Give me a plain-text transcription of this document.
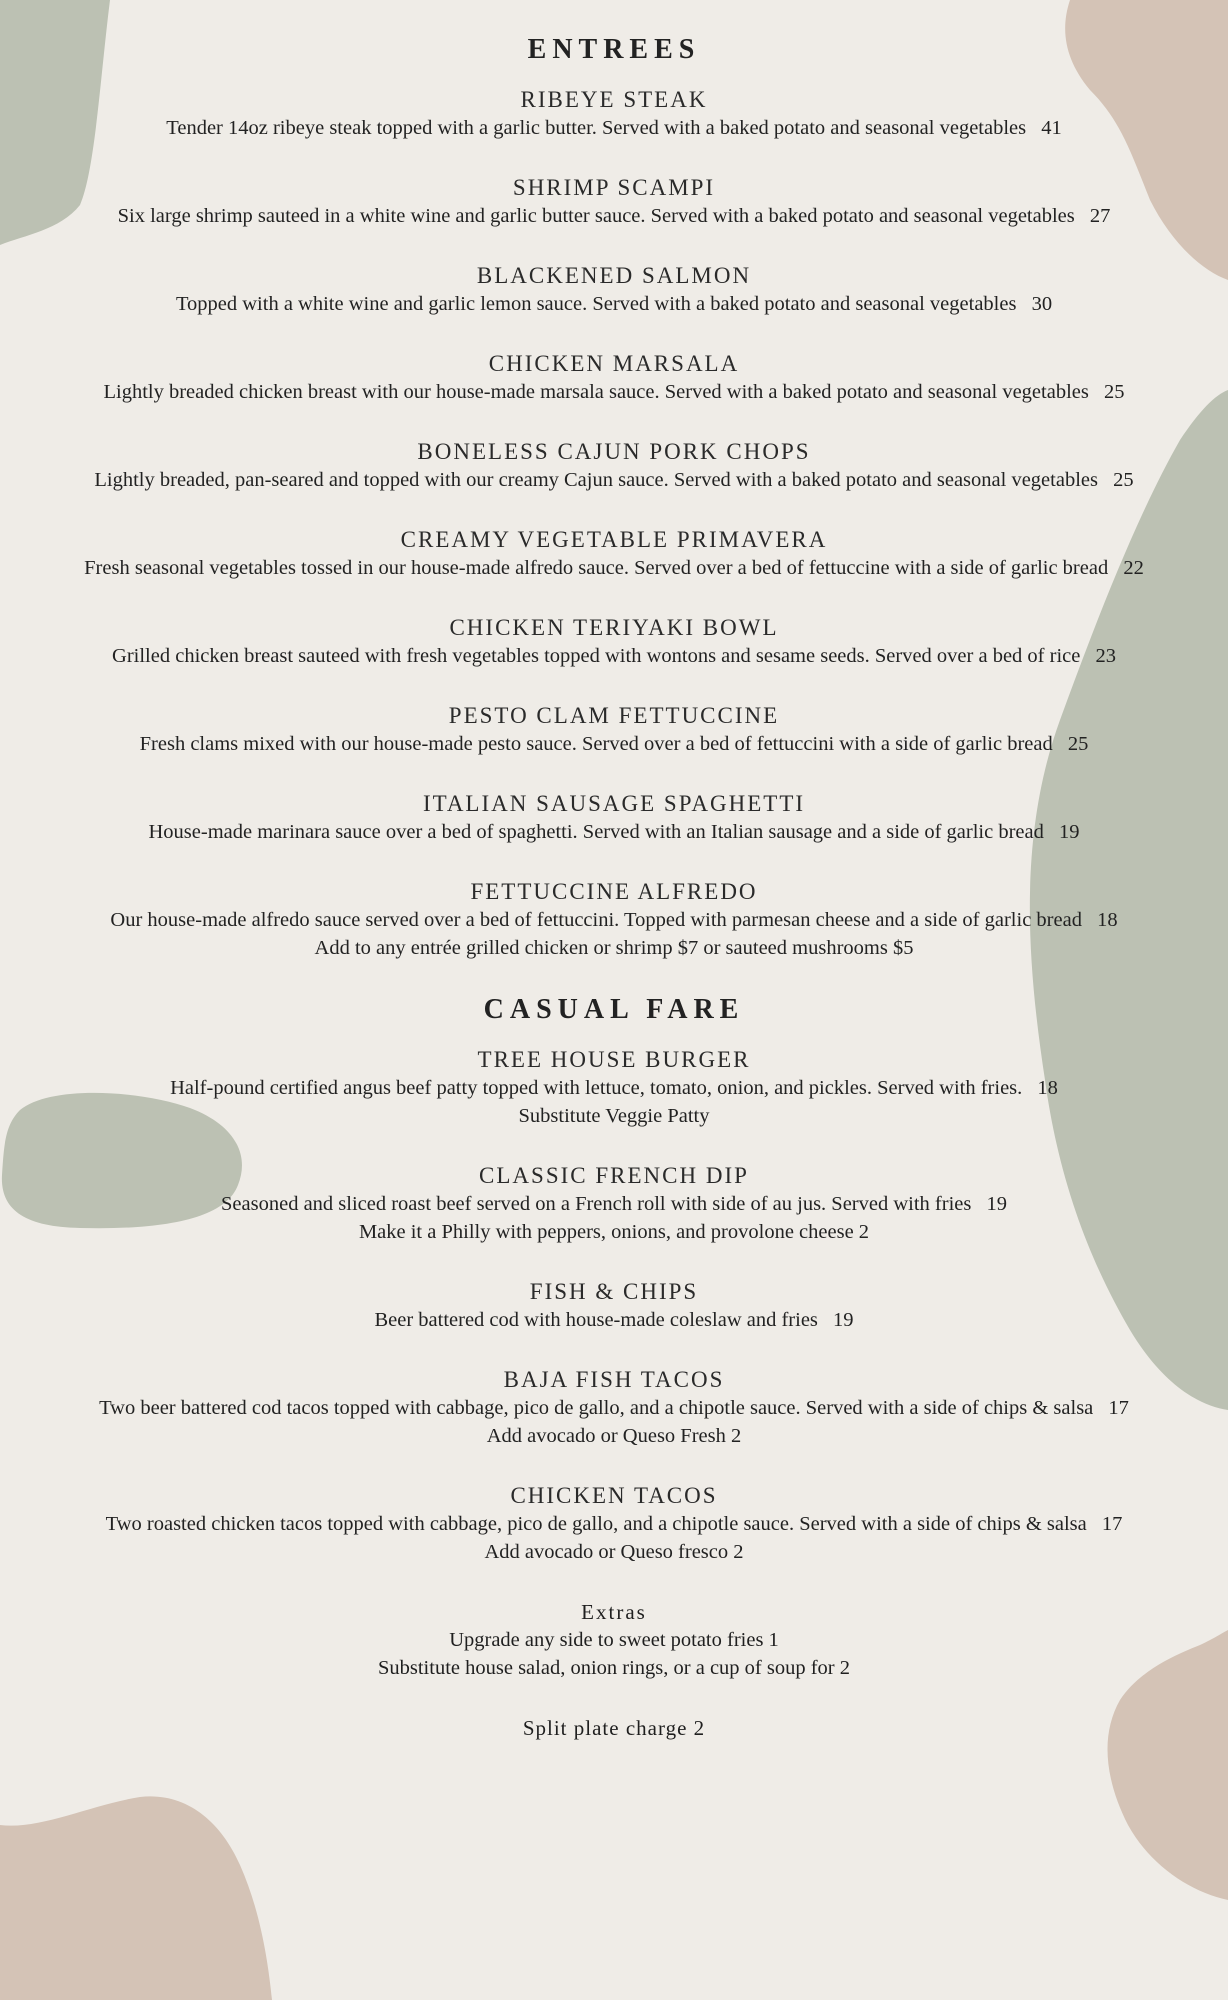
ENTREES
RIBEYE STEAK
Tender 14oz ribeye steak topped with a garlic butter. Served with a baked potato and seasonal vegetables 41
SHRIMP SCAMPI
Six large shrimp sauteed in a white wine and garlic butter sauce. Served with a baked potato and seasonal vegetables 27
BLACKENED SALMON
Topped with a white wine and garlic lemon sauce. Served with a baked potato and seasonal vegetables 30
CHICKEN MARSALA
Lightly breaded chicken breast with our house-made marsala sauce. Served with a baked potato and seasonal vegetables 25
BONELESS CAJUN PORK CHOPS
Lightly breaded, pan-seared and topped with our creamy Cajun sauce. Served with a baked potato and seasonal vegetables 25
CREAMY VEGETABLE PRIMAVERA
Fresh seasonal vegetables tossed in our house-made alfredo sauce. Served over a bed of fettuccine with a side of garlic bread 22
CHICKEN TERIYAKI BOWL
Grilled chicken breast sauteed with fresh vegetables topped with wontons and sesame seeds. Served over a bed of rice 23
PESTO CLAM FETTUCCINE
Fresh clams mixed with our house-made pesto sauce. Served over a bed of fettuccini with a side of garlic bread 25
ITALIAN SAUSAGE SPAGHETTI
House-made marinara sauce over a bed of spaghetti. Served with an Italian sausage and a side of garlic bread 19
FETTUCCINE ALFREDO
Our house-made alfredo sauce served over a bed of fettuccini. Topped with parmesan cheese and a side of garlic bread 18
Add to any entrée grilled chicken or shrimp $7 or sauteed mushrooms $5
CASUAL FARE
TREE HOUSE BURGER
Half-pound certified angus beef patty topped with lettuce, tomato, onion, and pickles. Served with fries. 18
Substitute Veggie Patty
CLASSIC FRENCH DIP
Seasoned and sliced roast beef served on a French roll with side of au jus. Served with fries 19
Make it a Philly with peppers, onions, and provolone cheese 2
FISH & CHIPS
Beer battered cod with house-made coleslaw and fries 19
BAJA FISH TACOS
Two beer battered cod tacos topped with cabbage, pico de gallo, and a chipotle sauce. Served with a side of chips & salsa 17
Add avocado or Queso Fresh 2
CHICKEN TACOS
Two roasted chicken tacos topped with cabbage, pico de gallo, and a chipotle sauce. Served with a side of chips & salsa 17
Add avocado or Queso fresco 2
Extras
Upgrade any side to sweet potato fries 1
Substitute house salad, onion rings, or a cup of soup for 2
Split plate charge 2
